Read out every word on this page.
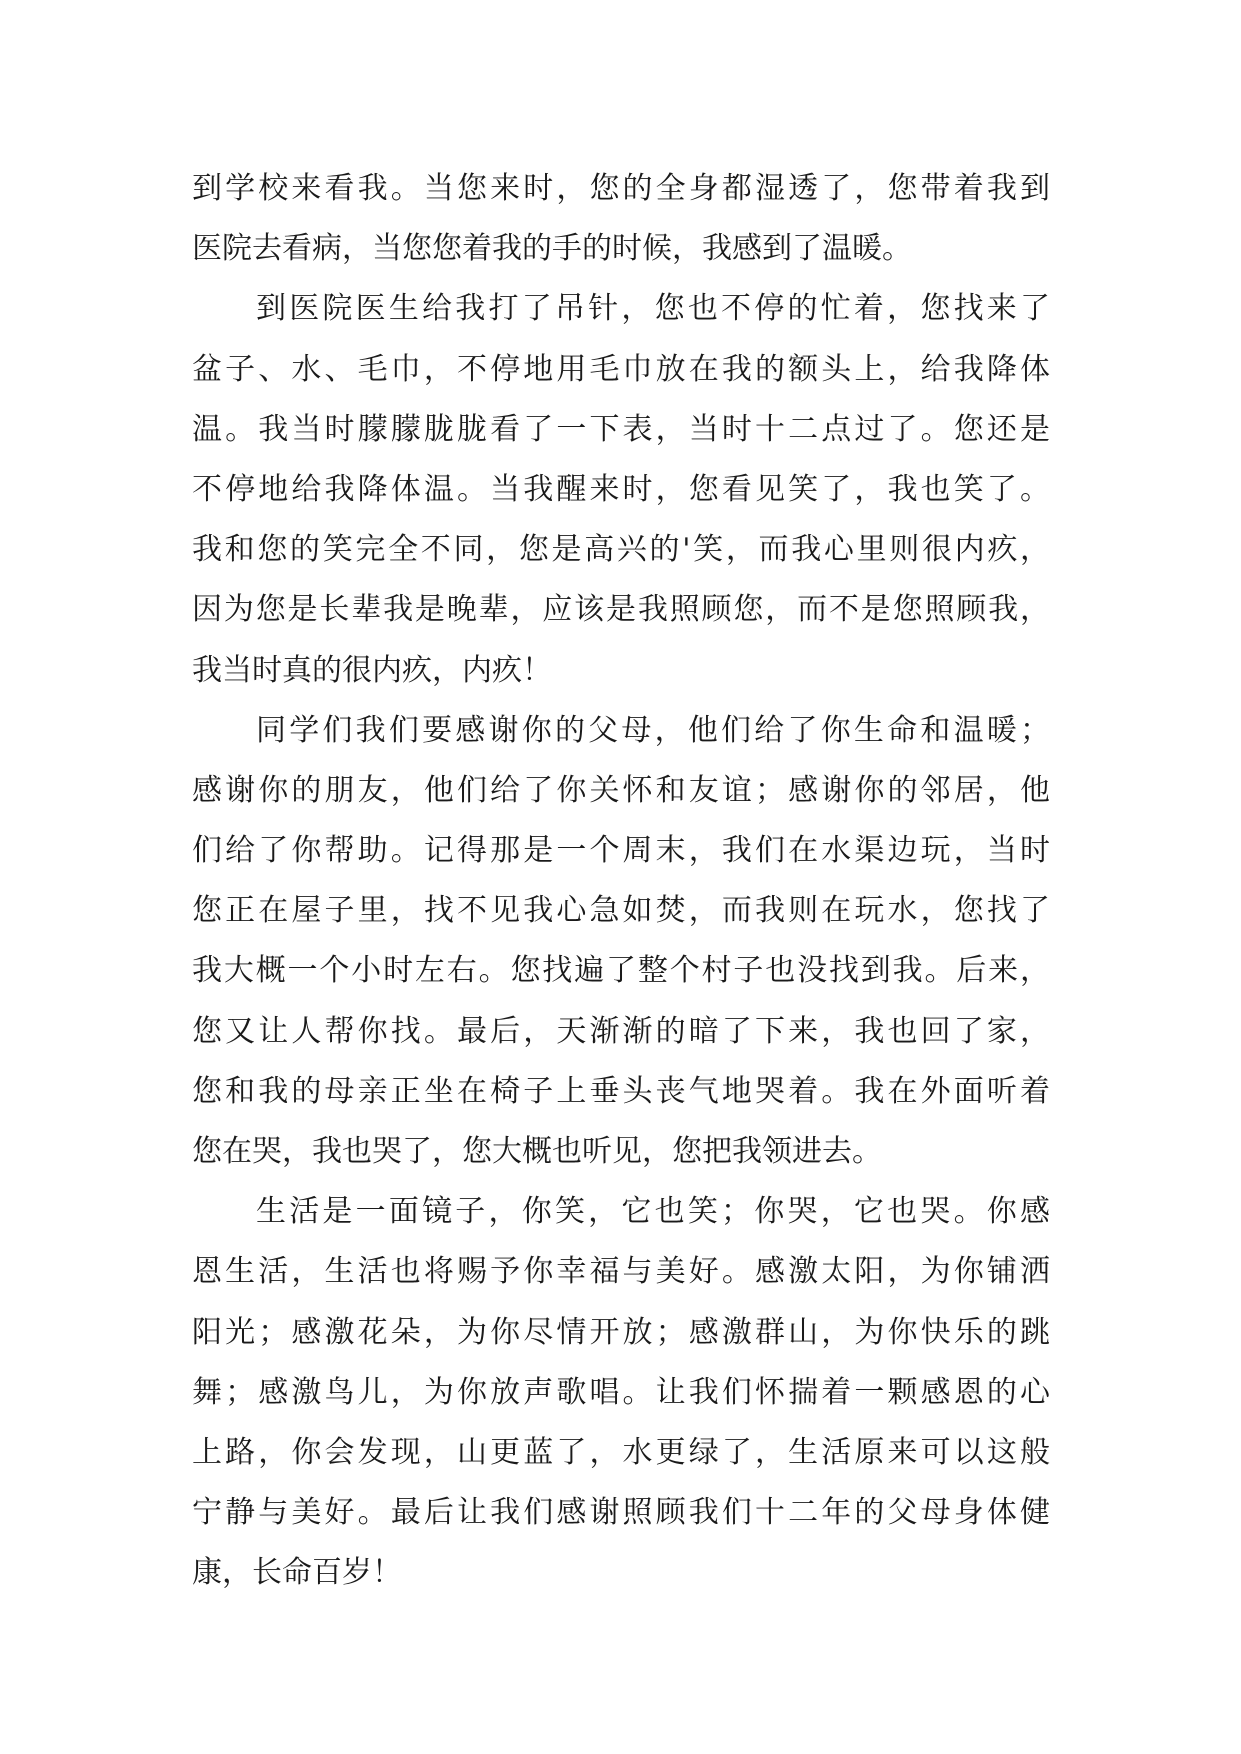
到学校来看我。当您来时，您的全身都湿透了，您带着我到
医院去看病，当您您着我的手的时候，我感到了温暖。
到医院医生给我打了吊针，您也不停的忙着，您找来了
盆子、水、毛巾，不停地用毛巾放在我的额头上，给我降体
温。我当时朦朦胧胧看了一下表，当时十二点过了。您还是
不停地给我降体温。当我醒来时，您看见笑了，我也笑了。
我和您的笑完全不同，您是高兴的'笑，而我心里则很内疚，
因为您是长辈我是晚辈，应该是我照顾您，而不是您照顾我，
我当时真的很内疚，内疚！
同学们我们要感谢你的父母，他们给了你生命和温暖；
感谢你的朋友，他们给了你关怀和友谊；感谢你的邻居，他
们给了你帮助。记得那是一个周末，我们在水渠边玩，当时
您正在屋子里，找不见我心急如焚，而我则在玩水，您找了
我大概一个小时左右。您找遍了整个村子也没找到我。后来，
您又让人帮你找。最后，天渐渐的暗了下来，我也回了家，
您和我的母亲正坐在椅子上垂头丧气地哭着。我在外面听着
您在哭，我也哭了，您大概也听见，您把我领进去。
生活是一面镜子，你笑，它也笑；你哭，它也哭。你感
恩生活，生活也将赐予你幸福与美好。感激太阳，为你铺洒
阳光；感激花朵，为你尽情开放；感激群山，为你快乐的跳
舞；感激鸟儿，为你放声歌唱。让我们怀揣着一颗感恩的心
上路，你会发现，山更蓝了，水更绿了，生活原来可以这般
宁静与美好。最后让我们感谢照顾我们十二年的父母身体健
康，长命百岁！
